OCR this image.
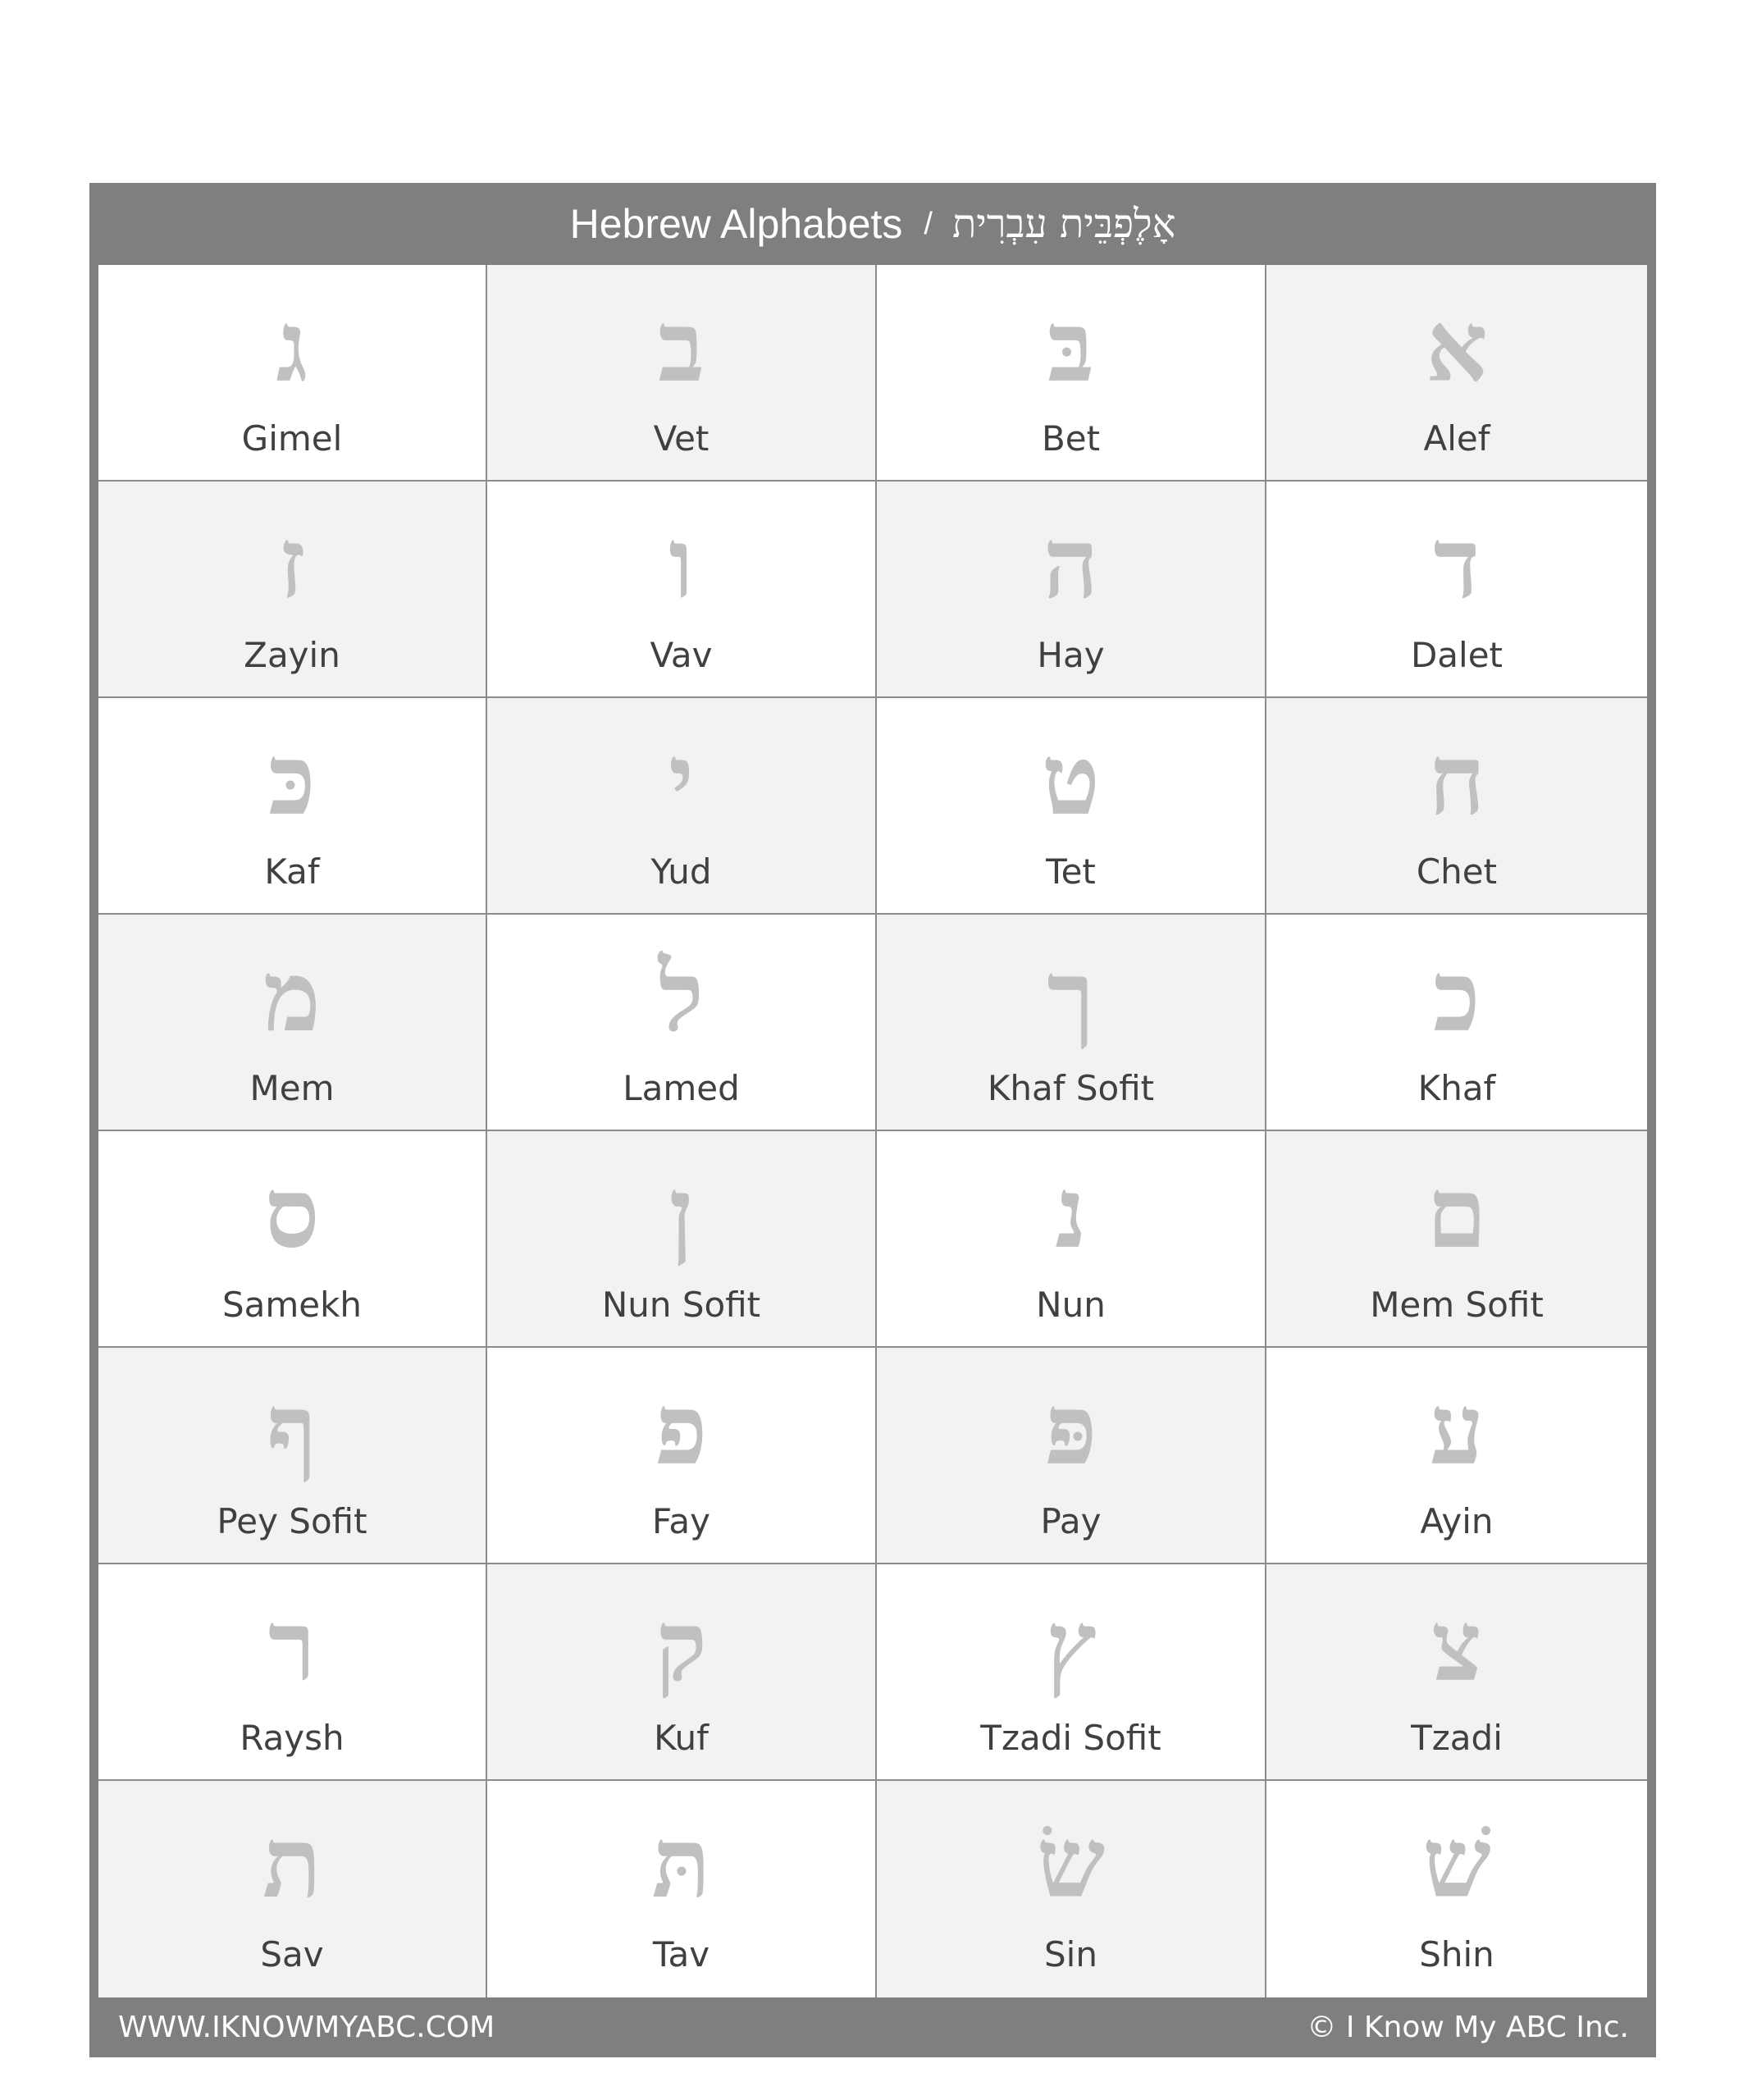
Hebrew Alphabets / אָלֶפְבֵּית עִבְרִית
ג
Gimel
ב
Vet
בּ
Bet
א
Alef
ז
Zayin
ו
Vav
ה
Hay
ד
Dalet
כּ
Kaf
י
Yud
ט
Tet
ח
Chet
מ
Mem
ל
Lamed
ך
Khaf Sofit
כ
Khaf
ס
Samekh
ן
Nun Sofit
נ
Nun
ם
Mem Sofit
ף
Pey Sofit
פ
Fay
פּ
Pay
ע
Ayin
ר
Raysh
ק
Kuf
ץ
Tzadi Sofit
צ
Tzadi
ת
Sav
תּ
Tav
שׂ
Sin
שׁ
Shin
WWW.IKNOWMYABC.COM	© I Know My ABC Inc.
